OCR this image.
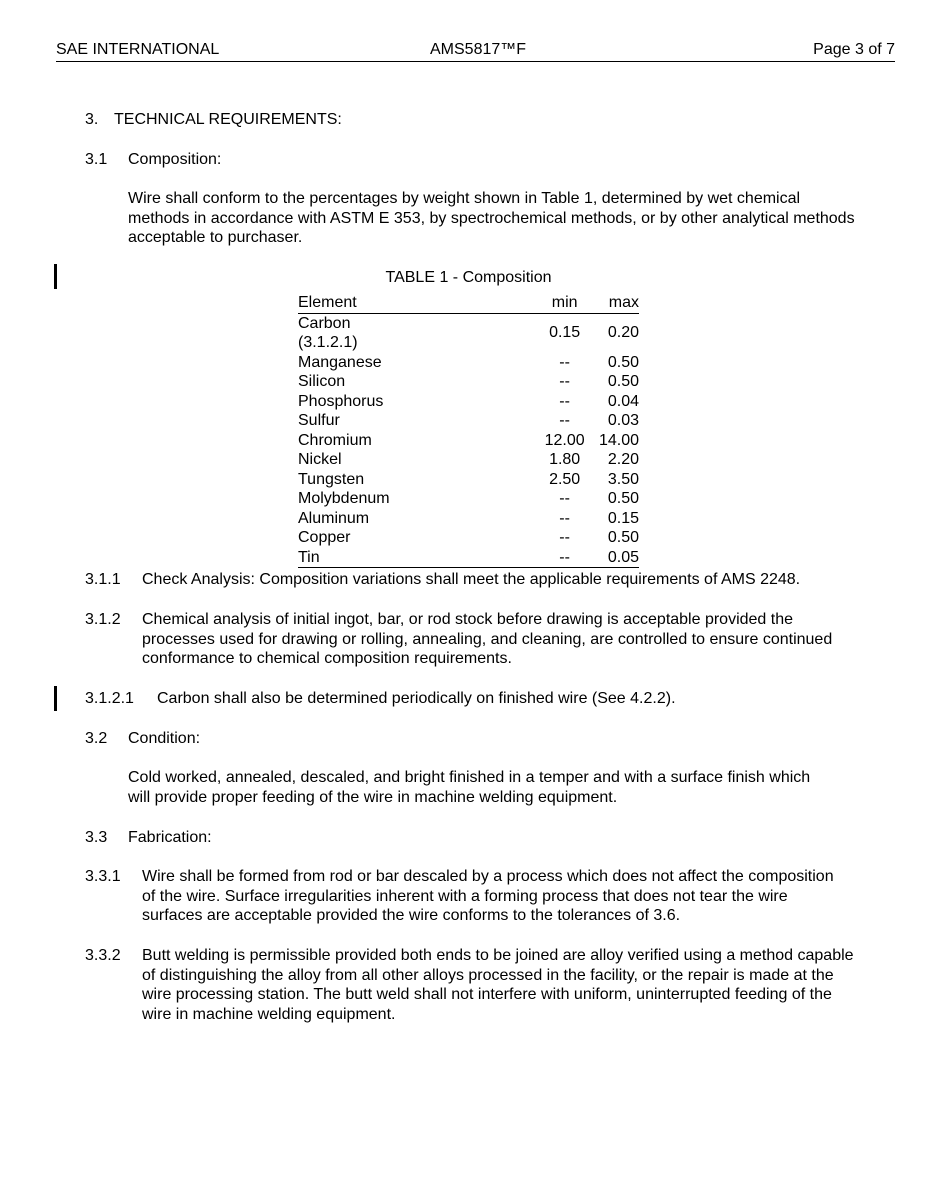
SAE INTERNATIONAL	AMS5817™F	Page 3 of 7
3. TECHNICAL REQUIREMENTS:
3.1 Composition:
Wire shall conform to the percentages by weight shown in Table 1, determined by wet chemical methods in accordance with ASTM E 353, by spectrochemical methods, or by other analytical methods acceptable to purchaser.
TABLE 1 - Composition
Element	min	max
Carbon (3.1.2.1)	0.15	0.20
Manganese	--	0.50
Silicon	--	0.50
Phosphorus	--	0.04
Sulfur	--	0.03
Chromium	12.00	14.00
Nickel	1.80	2.20
Tungsten	2.50	3.50
Molybdenum	--	0.50
Aluminum	--	0.15
Copper	--	0.50
Tin	--	0.05
3.1.1 Check Analysis: Composition variations shall meet the applicable requirements of AMS 2248.
3.1.2 Chemical analysis of initial ingot, bar, or rod stock before drawing is acceptable provided the processes used for drawing or rolling, annealing, and cleaning, are controlled to ensure continued conformance to chemical composition requirements.
3.1.2.1 Carbon shall also be determined periodically on finished wire (See 4.2.2).
3.2 Condition:
Cold worked, annealed, descaled, and bright finished in a temper and with a surface finish which will provide proper feeding of the wire in machine welding equipment.
3.3 Fabrication:
3.3.1 Wire shall be formed from rod or bar descaled by a process which does not affect the composition of the wire. Surface irregularities inherent with a forming process that does not tear the wire surfaces are acceptable provided the wire conforms to the tolerances of 3.6.
3.3.2 Butt welding is permissible provided both ends to be joined are alloy verified using a method capable of distinguishing the alloy from all other alloys processed in the facility, or the repair is made at the wire processing station. The butt weld shall not interfere with uniform, uninterrupted feeding of the wire in machine welding equipment.
